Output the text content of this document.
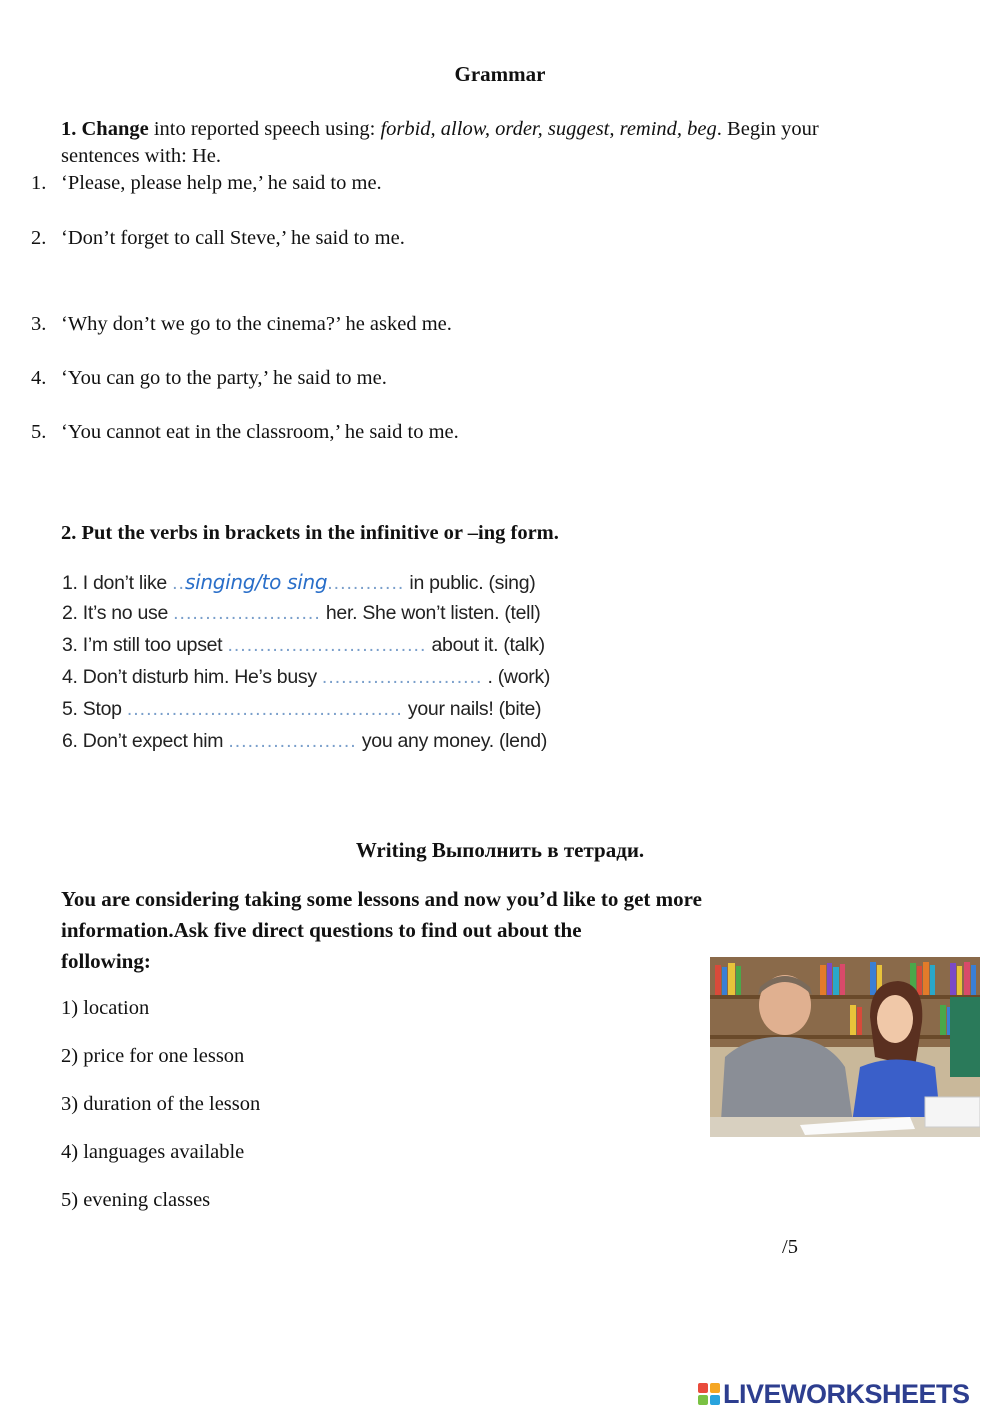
Grammar
1. Change into reported speech using: forbid, allow, order, suggest, remind, beg. Begin your
sentences with: He.
1. ‘Please, please help me,’ he said to me.
2. ‘Don’t forget to call Steve,’ he said to me.
3. ‘Why don’t we go to the cinema?’ he asked me.
4. ‘You can go to the party,’ he said to me.
5. ‘You cannot eat in the classroom,’ he said to me.
2. Put the verbs in brackets in the infinitive or –ing form.
1. I don’t like ..singing/to sing............ in public. (sing)
2. It’s no use ....................... her. She won’t listen. (tell)
3. I’m still too upset ............................... about it. (talk)
4. Don’t disturb him. He’s busy ......................... . (work)
5. Stop ........................................... your nails! (bite)
6. Don’t expect him .................... you any money. (lend)
Writing Выполнить в тетради.
You are considering taking some lessons and now you’d like to get more
information.Ask five direct questions to find out about the
following:
1) location
2) price for one lesson
3) duration of the lesson
4) languages available
5) evening classes
/5
LIVEWORKSHEETS
